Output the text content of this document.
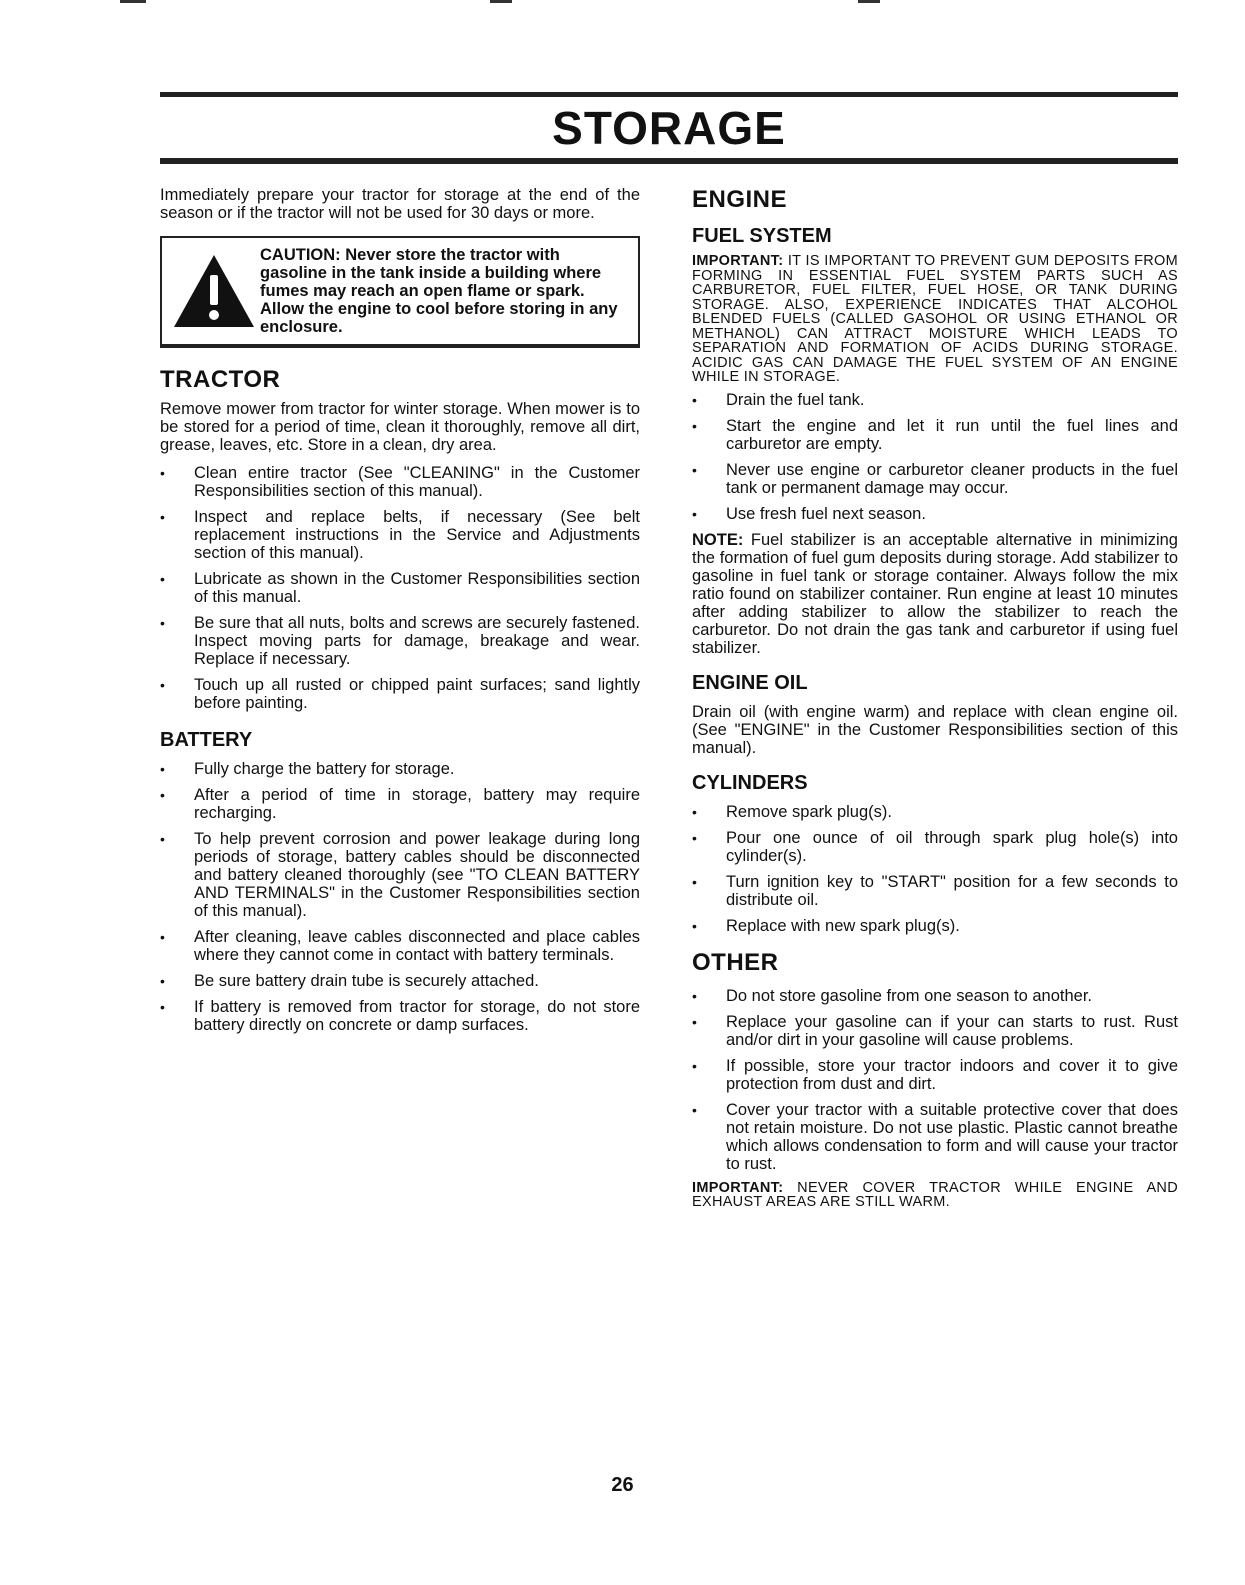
STORAGE

Immediately prepare your tractor for storage at the end of the season or if the tractor will not be used for 30 days or more.

CAUTION: Never store the tractor with gasoline in the tank inside a building where fumes may reach an open flame or spark. Allow the engine to cool before storing in any enclosure.
TRACTOR

Remove mower from tractor for winter storage. When mower is to be stored for a period of time, clean it thoroughly, remove all dirt, grease, leaves, etc. Store in a clean, dry area.

• Clean entire tractor (See "CLEANING" in the Customer Responsibilities section of this manual).
• Inspect and replace belts, if necessary (See belt replacement instructions in the Service and Adjustments section of this manual).
• Lubricate as shown in the Customer Responsibilities section of this manual.
• Be sure that all nuts, bolts and screws are securely fastened. Inspect moving parts for damage, breakage and wear. Replace if necessary.
• Touch up all rusted or chipped paint surfaces; sand lightly before painting.
BATTERY
• Fully charge the battery for storage.
• After a period of time in storage, battery may require recharging.
• To help prevent corrosion and power leakage during long periods of storage, battery cables should be disconnected and battery cleaned thoroughly (see "TO CLEAN BATTERY AND TERMINALS" in the Customer Responsibilities section of this manual).
• After cleaning, leave cables disconnected and place cables where they cannot come in contact with battery terminals.
• Be sure battery drain tube is securely attached.
• If battery is removed from tractor for storage, do not store battery directly on concrete or damp surfaces.
ENGINE
FUEL SYSTEM

IMPORTANT: IT IS IMPORTANT TO PREVENT GUM DEPOSITS FROM FORMING IN ESSENTIAL FUEL SYSTEM PARTS SUCH AS CARBURETOR, FUEL FILTER, FUEL HOSE, OR TANK DURING STORAGE. ALSO, EXPERIENCE INDICATES THAT ALCOHOL BLENDED FUELS (CALLED GASOHOL OR USING ETHANOL OR METHANOL) CAN ATTRACT MOISTURE WHICH LEADS TO SEPARATION AND FORMATION OF ACIDS DURING STORAGE. ACIDIC GAS CAN DAMAGE THE FUEL SYSTEM OF AN ENGINE WHILE IN STORAGE.

• Drain the fuel tank.
• Start the engine and let it run until the fuel lines and carburetor are empty.
• Never use engine or carburetor cleaner products in the fuel tank or permanent damage may occur.
• Use fresh fuel next season.

NOTE: Fuel stabilizer is an acceptable alternative in minimizing the formation of fuel gum deposits during storage. Add stabilizer to gasoline in fuel tank or storage container. Always follow the mix ratio found on stabilizer container. Run engine at least 10 minutes after adding stabilizer to allow the stabilizer to reach the carburetor. Do not drain the gas tank and carburetor if using fuel stabilizer.

ENGINE OIL

Drain oil (with engine warm) and replace with clean engine oil. (See "ENGINE" in the Customer Responsibilities section of this manual).

CYLINDERS
• Remove spark plug(s).
• Pour one ounce of oil through spark plug hole(s) into cylinder(s).
• Turn ignition key to "START" position for a few seconds to distribute oil.
• Replace with new spark plug(s).
OTHER
• Do not store gasoline from one season to another.
• Replace your gasoline can if your can starts to rust. Rust and/or dirt in your gasoline will cause problems.
• If possible, store your tractor indoors and cover it to give protection from dust and dirt.
• Cover your tractor with a suitable protective cover that does not retain moisture. Do not use plastic. Plastic cannot breathe which allows condensation to form and will cause your tractor to rust.

IMPORTANT: NEVER COVER TRACTOR WHILE ENGINE AND EXHAUST AREAS ARE STILL WARM.

26
